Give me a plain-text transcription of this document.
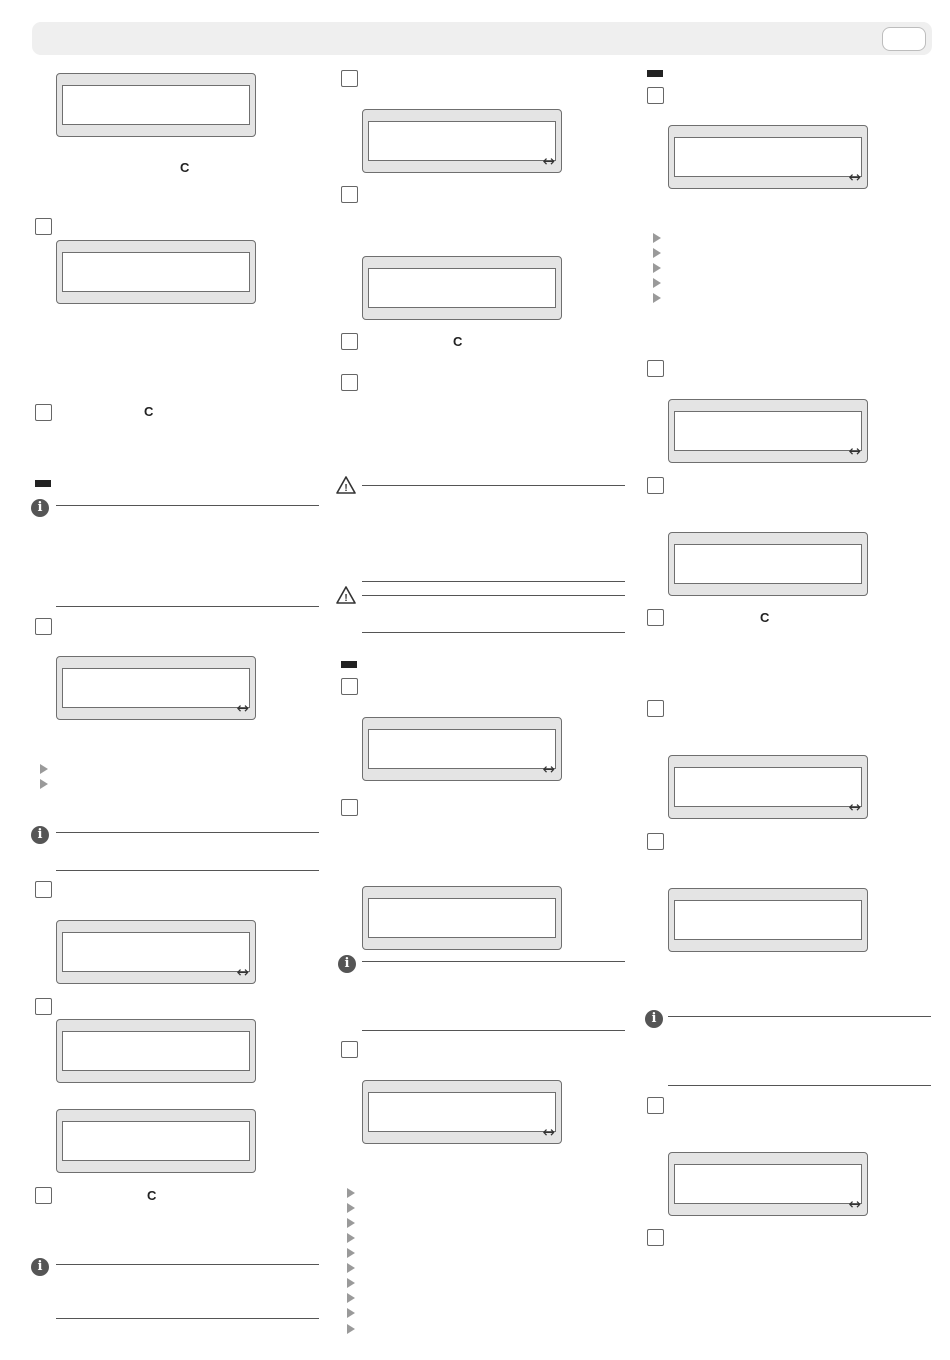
C
C
i
↔
i
↔
C
i
↔
C
!
!
↔
i
↔
↔
↔
C
↔
i
↔
